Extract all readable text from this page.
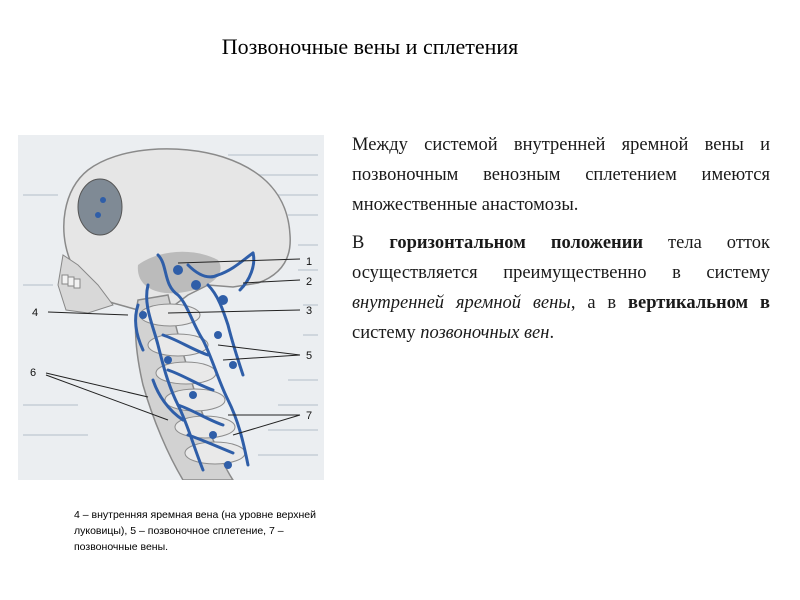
Позвоночные вены и сплетения
1
2
3
4
5
6
7
4 – внутренняя яремная вена (на уровне верхней луковицы), 5 – позвоночное сплетение, 7 – позвоночные вены.

Между системой внутренней яремной вены и позвоночным венозным сплетением имеются множественные анастомозы.

В горизонтальном положении тела отток осуществляется преимущественно в систему внутренней яремной вены, а в вертикальном в систему позвоночных вен.
